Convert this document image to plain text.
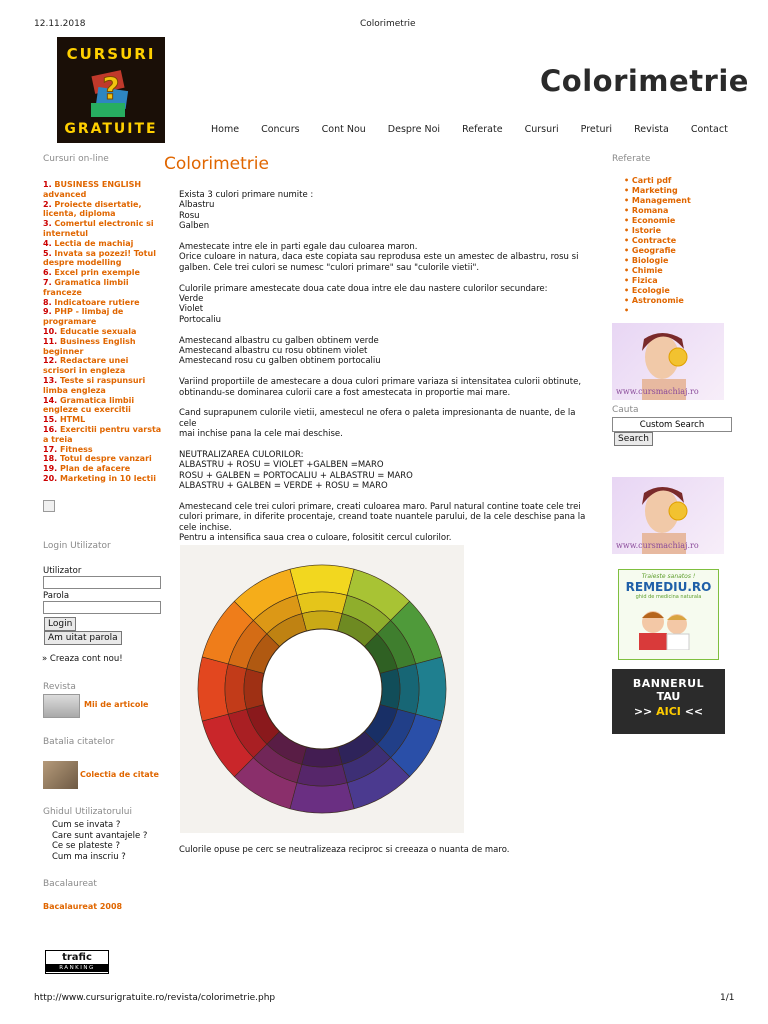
12.11.2018	Colorimetrie
?
CURSURI
GRATUITE
Colorimetrie
Home Concurs Cont Nou Despre Noi Referate Cursuri Preturi Revista Contact
Cursuri on-line
1. BUSINESS ENGLISH advanced
2. Proiecte disertatie, licenta, diploma
3. Comertul electronic si internetul
4. Lectia de machiaj
5. Invata sa pozezi! Totul despre modelling
6. Excel prin exemple
7. Gramatica limbii franceze
8. Indicatoare rutiere
9. PHP - limbaj de programare
10. Educatie sexuala
11. Business English beginner
12. Redactare unei scrisori in engleza
13. Teste si raspunsuri limba engleza
14. Gramatica limbii engleze cu exercitii
15. HTML
16. Exercitii pentru varsta a treia
17. Fitness
18. Totul despre vanzari
19. Plan de afacere
20. Marketing in 10 lectii
Login Utilizator
Utilizator
Parola
Login
Am uitat parola
» Creaza cont nou!
Revista
Mii de articole
Batalia citatelor
Colectia de citate
Ghidul Utilizatorului
Cum se invata ?
Care sunt avantajele ?
Ce se plateste ?
Cum ma inscriu ?
Bacalaureat
Bacalaureat 2008
trafic
RANKING
Colorimetrie

Exista 3 culori primare numite :
Albastru
Rosu
Galben

Amestecate intre ele in parti egale dau culoarea maron.
Orice culoare in natura, daca este copiata sau reprodusa este un amestec de albastru, rosu si
galben. Cele trei culori se numesc "culori primare" sau "culorile vietii".

Culorile primare amestecate doua cate doua intre ele dau nastere culorilor secundare:
Verde
Violet
Portocaliu

Amestecand albastru cu galben obtinem verde
Amestecand albastru cu rosu obtinem violet
Amestecand rosu cu galben obtinem portocaliu

Variind proportiile de amestecare a doua culori primare variaza si intensitatea culorii obtinute,
obtinandu-se dominarea culorii care a fost amestecata in proportie mai mare.

Cand suprapunem culorile vietii, amestecul ne ofera o paleta impresionanta de nuante, de la cele
mai inchise pana la cele mai deschise.

NEUTRALIZAREA CULORILOR:
ALBASTRU + ROSU = VIOLET +GALBEN =MARO
ROSU + GALBEN = PORTOCALIU + ALBASTRU = MARO
ALBASTRU + GALBEN = VERDE + ROSU = MARO

Amestecand cele trei culori primare, creati culoarea maro. Parul natural contine toate cele trei
culori primare, in diferite procentaje, creand toate nuantele parului, de la cele deschise pana la
cele inchise.
Pentru a intensifica saua crea o culoare, folositit cercul culorilor.

Culorile opuse pe cerc se neutralizeaza reciproc si creeaza o nuanta de maro.
Referate
• Carti pdf
• Marketing
• Management
• Romana
• Economie
• Istorie
• Contracte
• Geografie
• Biologie
• Chimie
• Fizica
• Ecologie
• Astronomie
•
www.cursmachiaj.ro
Cauta
Custom Search
Search
www.cursmachiaj.ro
Traieste sanatos !
REMEDIU.RO
ghid de medicina naturala
BANNERUL
TAU
>> AICI <<
http://www.cursurigratuite.ro/revista/colorimetrie.php	1/1
